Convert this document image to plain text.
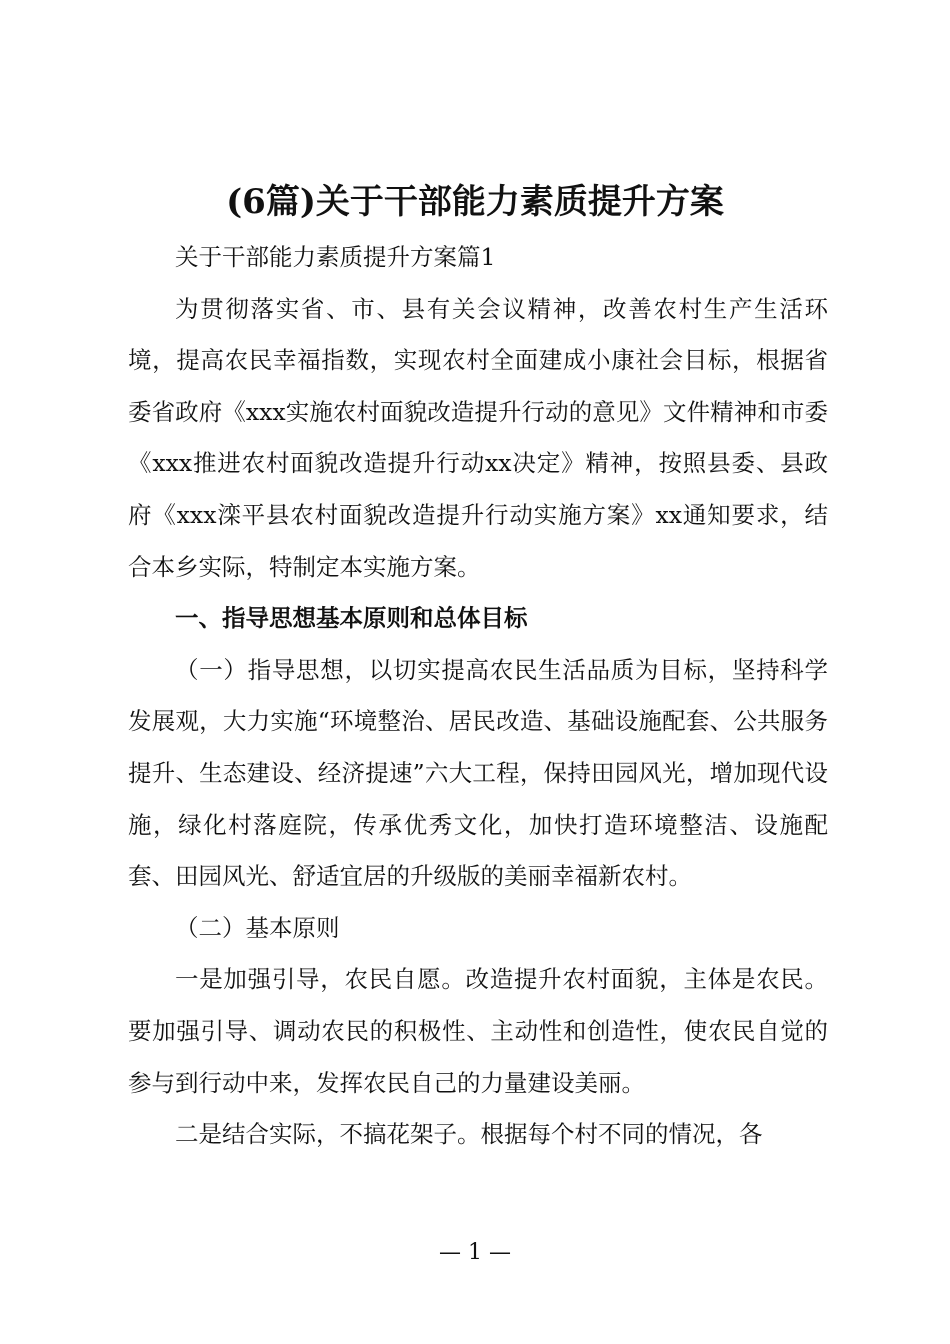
(6篇)关于干部能力素质提升方案

关于干部能力素质提升方案篇1

为贯彻落实省、市、县有关会议精神，改善农村生产生活环境，提高农民幸福指数，实现农村全面建成小康社会目标，根据省委省政府《xxx实施农村面貌改造提升行动的意见》文件精神和市委《xxx推进农村面貌改造提升行动xx决定》精神，按照县委、县政府《xxx滦平县农村面貌改造提升行动实施方案》xx通知要求，结合本乡实际，特制定本实施方案。

一、指导思想基本原则和总体目标

（一）指导思想，以切实提高农民生活品质为目标，坚持科学发展观，大力实施“环境整治、居民改造、基础设施配套、公共服务提升、生态建设、经济提速”六大工程，保持田园风光，增加现代设施，绿化村落庭院，传承优秀文化，加快打造环境整洁、设施配套、田园风光、舒适宜居的升级版的美丽幸福新农村。

（二）基本原则

一是加强引导，农民自愿。改造提升农村面貌，主体是农民。要加强引导、调动农民的积极性、主动性和创造性，使农民自觉的参与到行动中来，发挥农民自己的力量建设美丽。

二是结合实际，不搞花架子。根据每个村不同的情况，各

— 1 —
